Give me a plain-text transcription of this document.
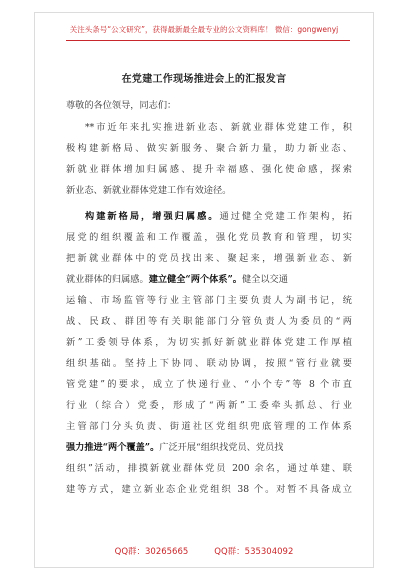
关注头条号“公文研究”，获得最新最全最专业的公文资料库！ 微信：gongwenyj
在党建工作现场推进会上的汇报发言
尊敬的各位领导，同志们：
**市近年来扎实推进新业态、新就业群体党建工作，积
极构建新格局、做实新服务、聚合新力量，助力新业态、
新就业群体增加归属感、提升幸福感、强化使命感，探索
新业态、新就业群体党建工作有效途径。
构建新格局，增强归属感。通过健全党建工作架构，拓
展党的组织覆盖和工作覆盖，强化党员教育和管理，切实
把新就业群体中的党员找出来、聚起来，增强新业态、新
就业群体的归属感。建立健全“两个体系”。健全以交通
运输、市场监管等行业主管部门主要负责人为副书记，统
战、民政、群团等有关职能部门分管负责人为委员的“两
新”工委领导体系，为切实抓好新就业群体党建工作厚植
组织基础。坚持上下协同、联动协调，按照“管行业就要
管党建”的要求，成立了快递行业、“小个专”等 8 个市直
行业（综合）党委，形成了“两新”工委牵头抓总、行业
主管部门分头负责、街道社区党组织兜底管理的工作体系
强力推进“两个覆盖”。广泛开展“组织找党员、党员找
组织”活动，排摸新就业群体党员 200 余名，通过单建、联
建等方式，建立新业态企业党组织 38 个。对暂不具备成立
QQ群：30265665	QQ群：535304092
